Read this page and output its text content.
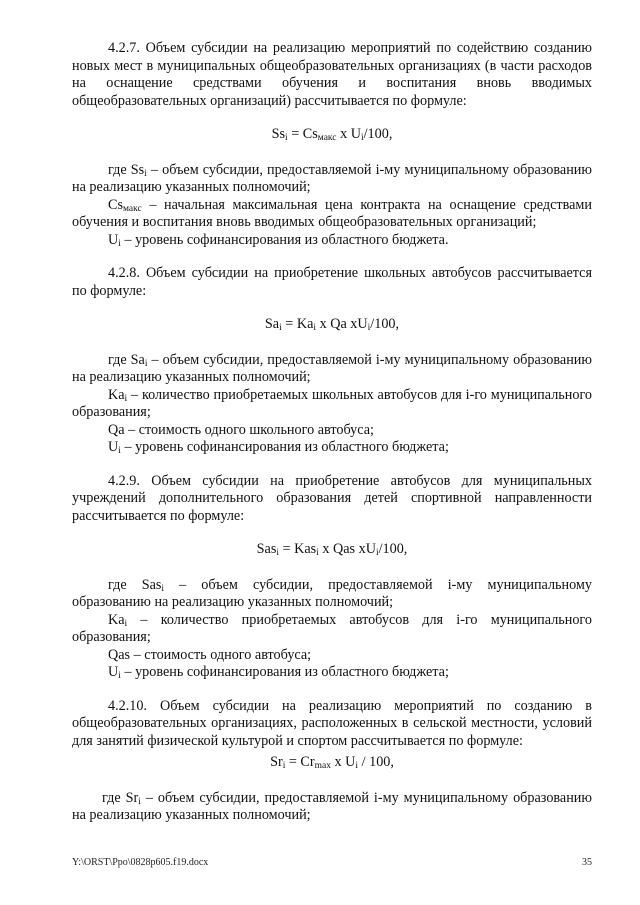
4.2.7. Объем субсидии на реализацию мероприятий по содействию созданию новых мест в муниципальных общеобразовательных организациях (в части расходов на оснащение средствами обучения и воспитания вновь вводимых общеобразовательных организаций) рассчитывается по формуле:

$Ss_i = Cs_{макс}$ x $U_i/100$,

где $Ss_i$ – объем субсидии, предоставляемой i-му муниципальному образованию на реализацию указанных полномочий;

$Cs_{макс}$ – начальная максимальная цена контракта на оснащение средствами обучения и воспитания вновь вводимых общеобразовательных организаций;

$U_i$ – уровень софинансирования из областного бюджета.

4.2.8. Объем субсидии на приобретение школьных автобусов рассчитывается по формуле:

$Sa_i = Ka_i$ x Qa $xU_i/100$,

где $Sa_i$ – объем субсидии, предоставляемой i-му муниципальному образованию на реализацию указанных полномочий;

$Ka_i$ – количество приобретаемых школьных автобусов для i-го муниципального образования;

Qa – стоимость одного школьного автобуса;

$U_i$ – уровень софинансирования из областного бюджета;

4.2.9. Объем субсидии на приобретение автобусов для муниципальных учреждений дополнительного образования детей спортивной направленности рассчитывается по формуле:

Sas$_i$ = Kas$_i$ x Qas $xU_i/100$,

где Sas$_i$ – объем субсидии, предоставляемой i-му муниципальному образованию на реализацию указанных полномочий;

$Ka_i$ – количество приобретаемых автобусов для i-го муниципального образования;

Qas – стоимость одного автобуса;

$U_i$ – уровень софинансирования из областного бюджета;

4.2.10. Объем субсидии на реализацию мероприятий по созданию в общеобразовательных организациях, расположенных в сельской местности, условий для занятий физической культурой и спортом рассчитывается по формуле:

$Sr_i = Cr_{max}$ x $U_i / 100$,

где $Sr_i$ – объем субсидии, предоставляемой i-му муниципальному образованию на реализацию указанных полномочий;

Y:\ORST\Ppo\0828p605.f19.docx	35
